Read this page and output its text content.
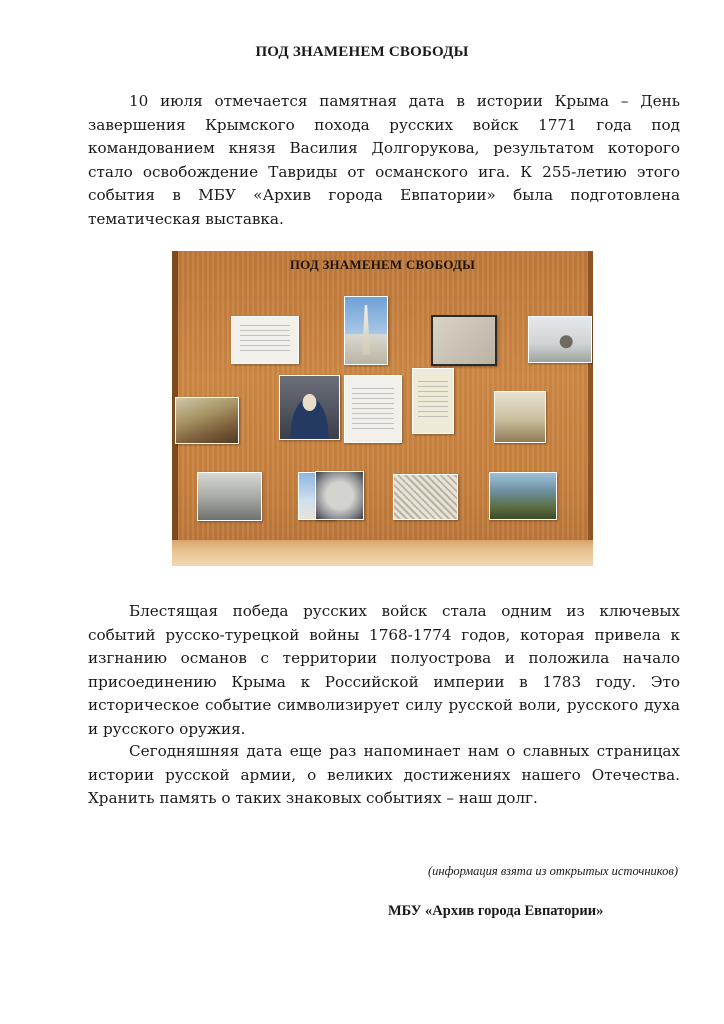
ПОД ЗНАМЕНЕМ СВОБОДЫ

10 июля отмечается памятная дата в истории Крыма – День завершения Крымского похода русских войск 1771 года под командованием князя Василия Долгорукова, результатом которого стало освобождение Тавриды от османского ига. К 255-летию этого события в МБУ «Архив города Евпатории» была подготовлена тематическая выставка.

ПОД ЗНАМЕНЕМ СВОБОДЫ

Блестящая победа русских войск стала одним из ключевых событий русско-турецкой войны 1768-1774 годов, которая привела к изгнанию османов с территории полуострова и положила начало присоединению Крыма к Российской империи в 1783 году. Это историческое событие символизирует силу русской воли, русского духа и русского оружия.

Сегодняшняя дата еще раз напоминает нам о славных страницах истории русской армии, о великих достижениях нашего Отечества. Хранить память о таких знаковых событиях – наш долг.

(информация взята из открытых источников)
МБУ «Архив города Евпатории»
